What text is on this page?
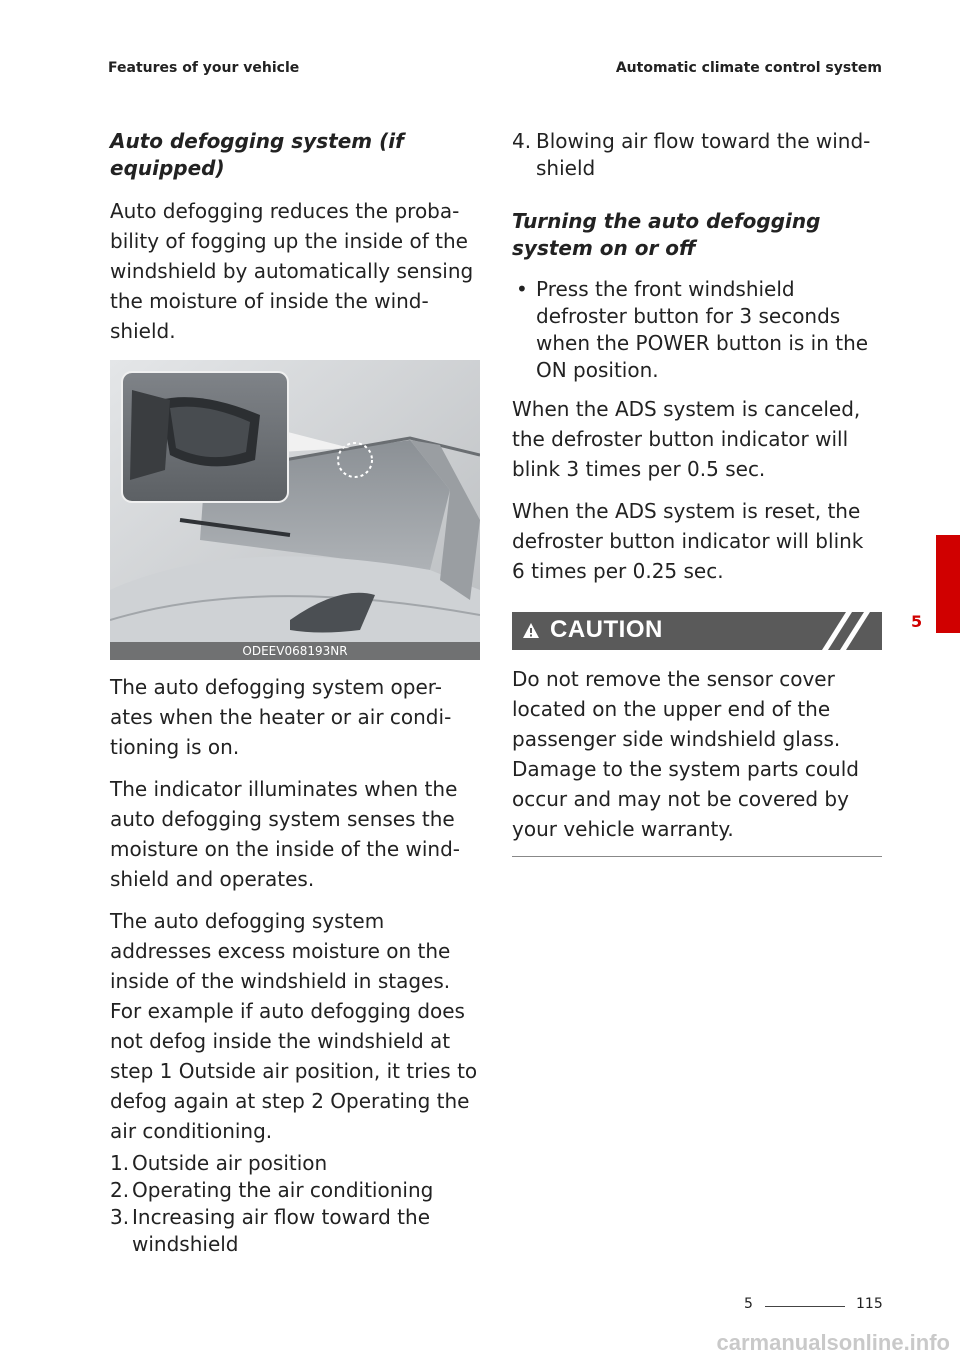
Features of your vehicle	Automatic climate control system
Auto defogging system (if equipped)

Auto defogging reduces the proba-bility of fogging up the inside of the windshield by automatically sensing the moisture of inside the wind-shield.

ODEEV068193NR

The auto defogging system oper-ates when the heater or air condi-tioning is on.

The indicator illuminates when the auto defogging system senses the moisture on the inside of the wind-shield and operates.

The auto defogging system addresses excess moisture on the inside of the windshield in stages. For example if auto defogging does not defog inside the windshield at step 1 Outside air position, it tries to defog again at step 2 Operating the air conditioning.

1. Outside air position
2. Operating the air conditioning
3. Increasing air flow toward the windshield
4. Blowing air flow toward the wind-shield
Turning the auto defogging system on or off
• Press the front windshield defroster button for 3 seconds when the POWER button is in the ON position.

When the ADS system is canceled, the defroster button indicator will blink 3 times per 0.5 sec.

When the ADS system is reset, the defroster button indicator will blink 6 times per 0.25 sec.

CAUTION

Do not remove the sensor cover located on the upper end of the passenger side windshield glass. Damage to the system parts could occur and may not be covered by your vehicle warranty.

5
5	115
carmanualsonline.info
